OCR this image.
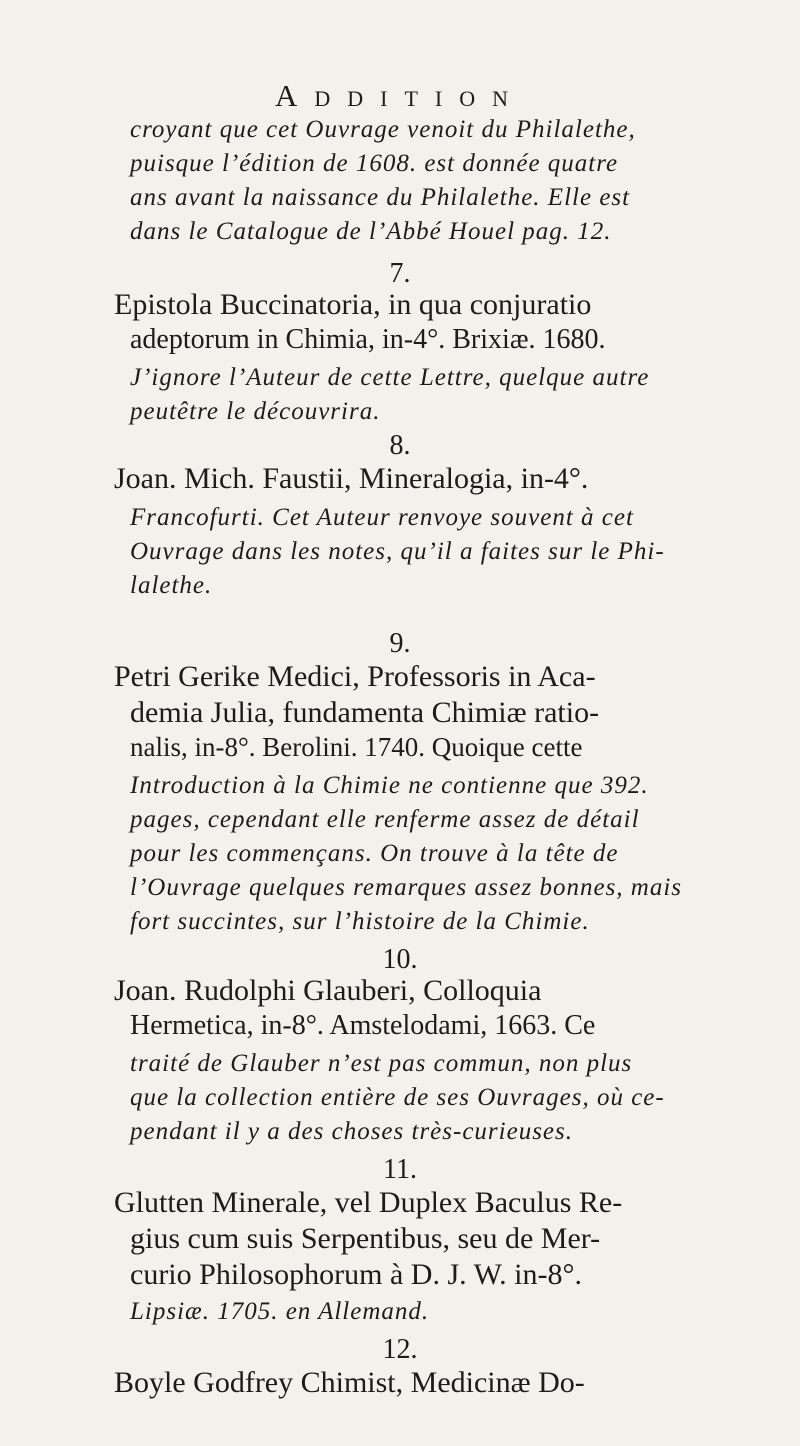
Addition
croyant que cet Ouvrage venoit du Philalethe,
puisque l’édition de 1608. est donnée quatre
ans avant la naissance du Philalethe. Elle est
dans le Catalogue de l’Abbé Houel pag. 12.
7.
Epistola Buccinatoria, in qua conjuratio
adeptorum in Chimia, in-4°. Brixiæ. 1680.
J’ignore l’Auteur de cette Lettre, quelque autre
peutêtre le découvrira.
8.
Joan. Mich. Faustii, Mineralogia, in-4°.
Francofurti. Cet Auteur renvoye souvent à cet
Ouvrage dans les notes, qu’il a faites sur le Phi-
lalethe.
9.
Petri Gerike Medici, Professoris in Aca-
demia Julia, fundamenta Chimiæ ratio-
nalis, in-8°. Berolini. 1740. Quoique cette
Introduction à la Chimie ne contienne que 392.
pages, cependant elle renferme assez de détail
pour les commençans. On trouve à la tête de
l’Ouvrage quelques remarques assez bonnes, mais
fort succintes, sur l’histoire de la Chimie.
10.
Joan. Rudolphi Glauberi, Colloquia
Hermetica, in-8°. Amstelodami, 1663. Ce
traité de Glauber n’est pas commun, non plus
que la collection entière de ses Ouvrages, où ce-
pendant il y a des choses très-curieuses.
11.
Glutten Minerale, vel Duplex Baculus Re-
gius cum suis Serpentibus, seu de Mer-
curio Philosophorum à D. J. W. in-8°.
Lipsiæ. 1705. en Allemand.
12.
Boyle Godfrey Chimist, Medicinæ Do-
